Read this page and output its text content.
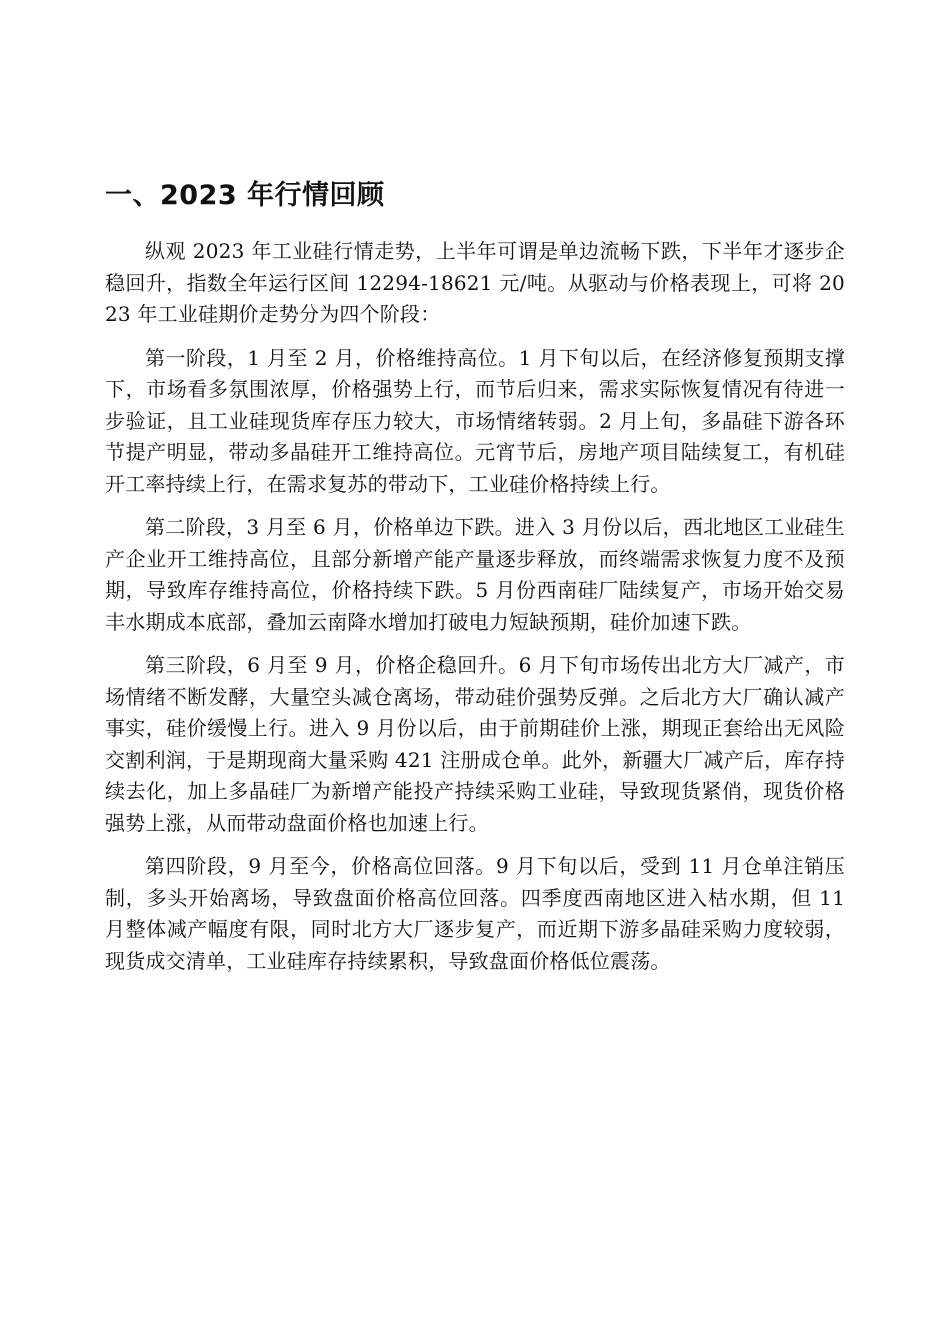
一、2023 年行情回顾

纵观 2023 年工业硅行情走势，上半年可谓是单边流畅下跌，下半年才逐步企稳回升，指数全年运行区间 12294-18621 元/吨。从驱动与价格表现上，可将 2023 年工业硅期价走势分为四个阶段：

第一阶段，1 月至 2 月，价格维持高位。1 月下旬以后，在经济修复预期支撑下，市场看多氛围浓厚，价格强势上行，而节后归来，需求实际恢复情况有待进一步验证，且工业硅现货库存压力较大，市场情绪转弱。2 月上旬，多晶硅下游各环节提产明显，带动多晶硅开工维持高位。元宵节后，房地产项目陆续复工，有机硅开工率持续上行，在需求复苏的带动下，工业硅价格持续上行。

第二阶段，3 月至 6 月，价格单边下跌。进入 3 月份以后，西北地区工业硅生产企业开工维持高位，且部分新增产能产量逐步释放，而终端需求恢复力度不及预期，导致库存维持高位，价格持续下跌。5 月份西南硅厂陆续复产，市场开始交易丰水期成本底部，叠加云南降水增加打破电力短缺预期，硅价加速下跌。

第三阶段，6 月至 9 月，价格企稳回升。6 月下旬市场传出北方大厂减产，市场情绪不断发酵，大量空头减仓离场，带动硅价强势反弹。之后北方大厂确认减产事实，硅价缓慢上行。进入 9 月份以后，由于前期硅价上涨，期现正套给出无风险交割利润，于是期现商大量采购 421 注册成仓单。此外，新疆大厂减产后，库存持续去化，加上多晶硅厂为新增产能投产持续采购工业硅，导致现货紧俏，现货价格强势上涨，从而带动盘面价格也加速上行。

第四阶段，9 月至今，价格高位回落。9 月下旬以后，受到 11 月仓单注销压制，多头开始离场，导致盘面价格高位回落。四季度西南地区进入枯水期，但 11 月整体减产幅度有限，同时北方大厂逐步复产，而近期下游多晶硅采购力度较弱，现货成交清单，工业硅库存持续累积，导致盘面价格低位震荡。
